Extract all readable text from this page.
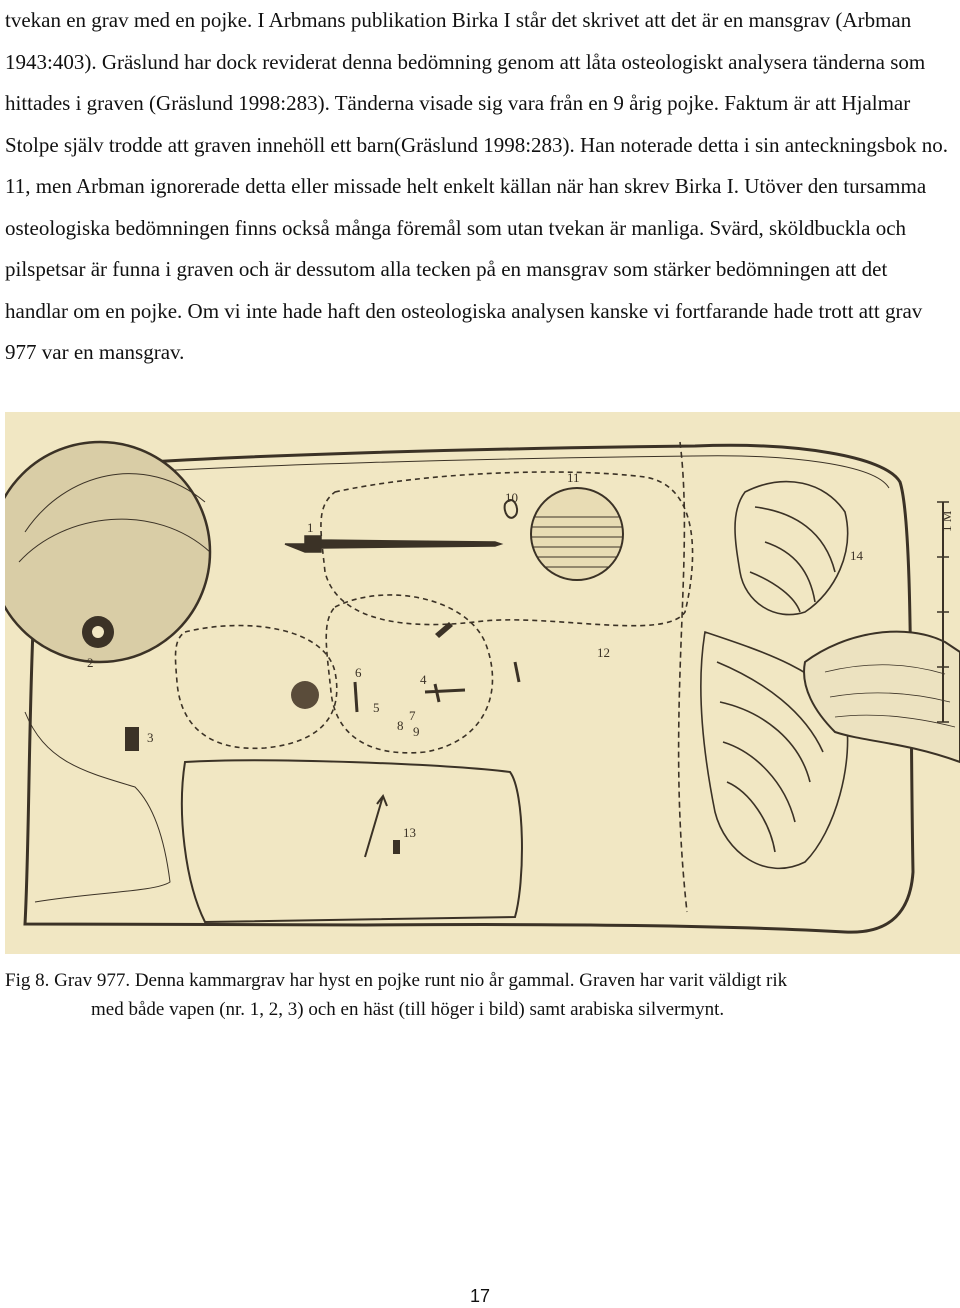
tvekan en grav med en pojke. I Arbmans publikation Birka I står det skrivet att det är en mansgrav (Arbman 1943:403). Gräslund har dock reviderat denna bedömning genom att låta osteologiskt analysera tänderna som hittades i graven (Gräslund 1998:283). Tänderna visade sig vara från en 9 årig pojke. Faktum är att Hjalmar Stolpe själv trodde att graven innehöll ett barn(Gräslund 1998:283). Han noterade detta i sin anteckningsbok no. 11, men Arbman ignorerade detta eller missade helt enkelt källan när han skrev Birka I. Utöver den tursamma osteologiska bedömningen finns också många föremål som utan tvekan är manliga. Svärd, sköldbuckla och pilspetsar är funna i graven och är dessutom alla tecken på en mansgrav som stärker bedömningen att det handlar om en pojke. Om vi inte hade haft den osteologiska analysen kanske vi fortfarande hade trott att grav 977 var en mansgrav.

1
2
3
4
5
6
7
8 9
10
11
12
13
14
1 M
Fig 8. Grav 977. Denna kammargrav har hyst en pojke runt nio år gammal. Graven har varit väldigt rik
med både vapen (nr. 1, 2, 3) och en häst (till höger i bild) samt arabiska silvermynt.
17
